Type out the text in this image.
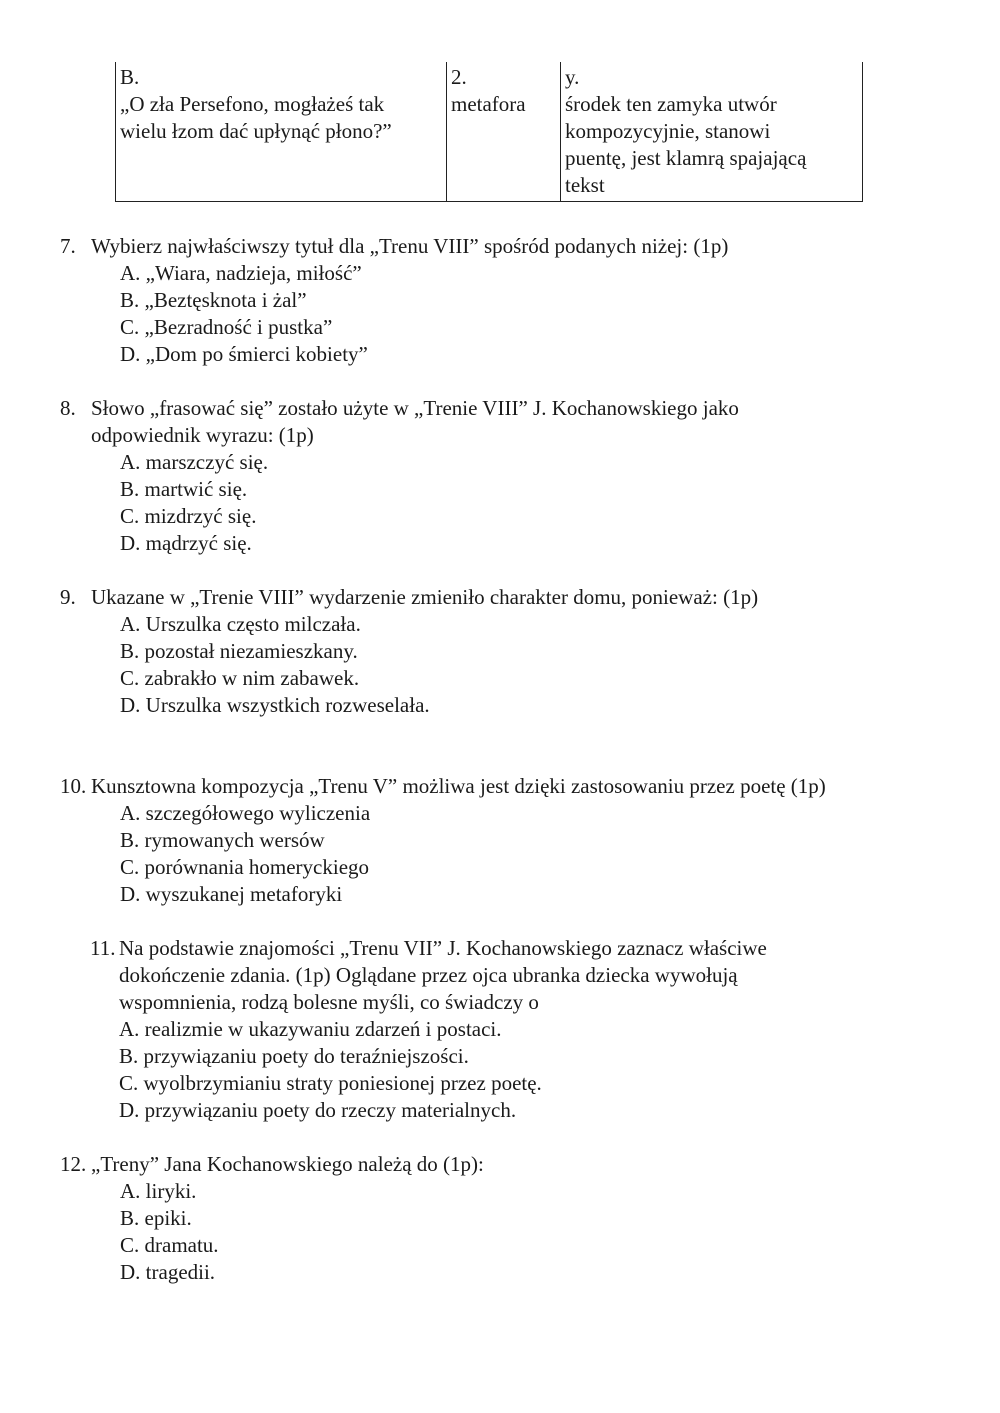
B.
„O zła Persefono, mogłażeś tak
wielu łzom dać upłynąć płono?”

2.
metafora

y.
środek ten zamyka utwór
kompozycyjnie, stanowi
puentę, jest klamrą spajającą
tekst
7. Wybierz najwłaściwszy tytuł dla „Trenu VIII” spośród podanych niżej: (1p)
A. „Wiara, nadzieja, miłość”
B. „Beztęsknota i żal”
C. „Bezradność i pustka”
D. „Dom po śmierci kobiety”
8. Słowo „frasować się” zostało użyte w „Trenie VIII” J. Kochanowskiego jako
odpowiednik wyrazu: (1p)
A. marszczyć się.
B. martwić się.
C. mizdrzyć się.
D. mądrzyć się.
9. Ukazane w „Trenie VIII” wydarzenie zmieniło charakter domu, ponieważ: (1p)
A. Urszulka często milczała.
B. pozostał niezamieszkany.
C. zabrakło w nim zabawek.
D. Urszulka wszystkich rozweselała.
10. Kunsztowna kompozycja „Trenu V” możliwa jest dzięki zastosowaniu przez poetę (1p)
A. szczegółowego wyliczenia
B. rymowanych wersów
C. porównania homeryckiego
D. wyszukanej metaforyki
11. Na podstawie znajomości „Trenu VII” J. Kochanowskiego zaznacz właściwe
dokończenie zdania. (1p) Oglądane przez ojca ubranka dziecka wywołują
wspomnienia, rodzą bolesne myśli, co świadczy o
A. realizmie w ukazywaniu zdarzeń i postaci.
B. przywiązaniu poety do teraźniejszości.
C. wyolbrzymianiu straty poniesionej przez poetę.
D. przywiązaniu poety do rzeczy materialnych.
12. „Treny” Jana Kochanowskiego należą do (1p):
A. liryki.
B. epiki.
C. dramatu.
D. tragedii.
